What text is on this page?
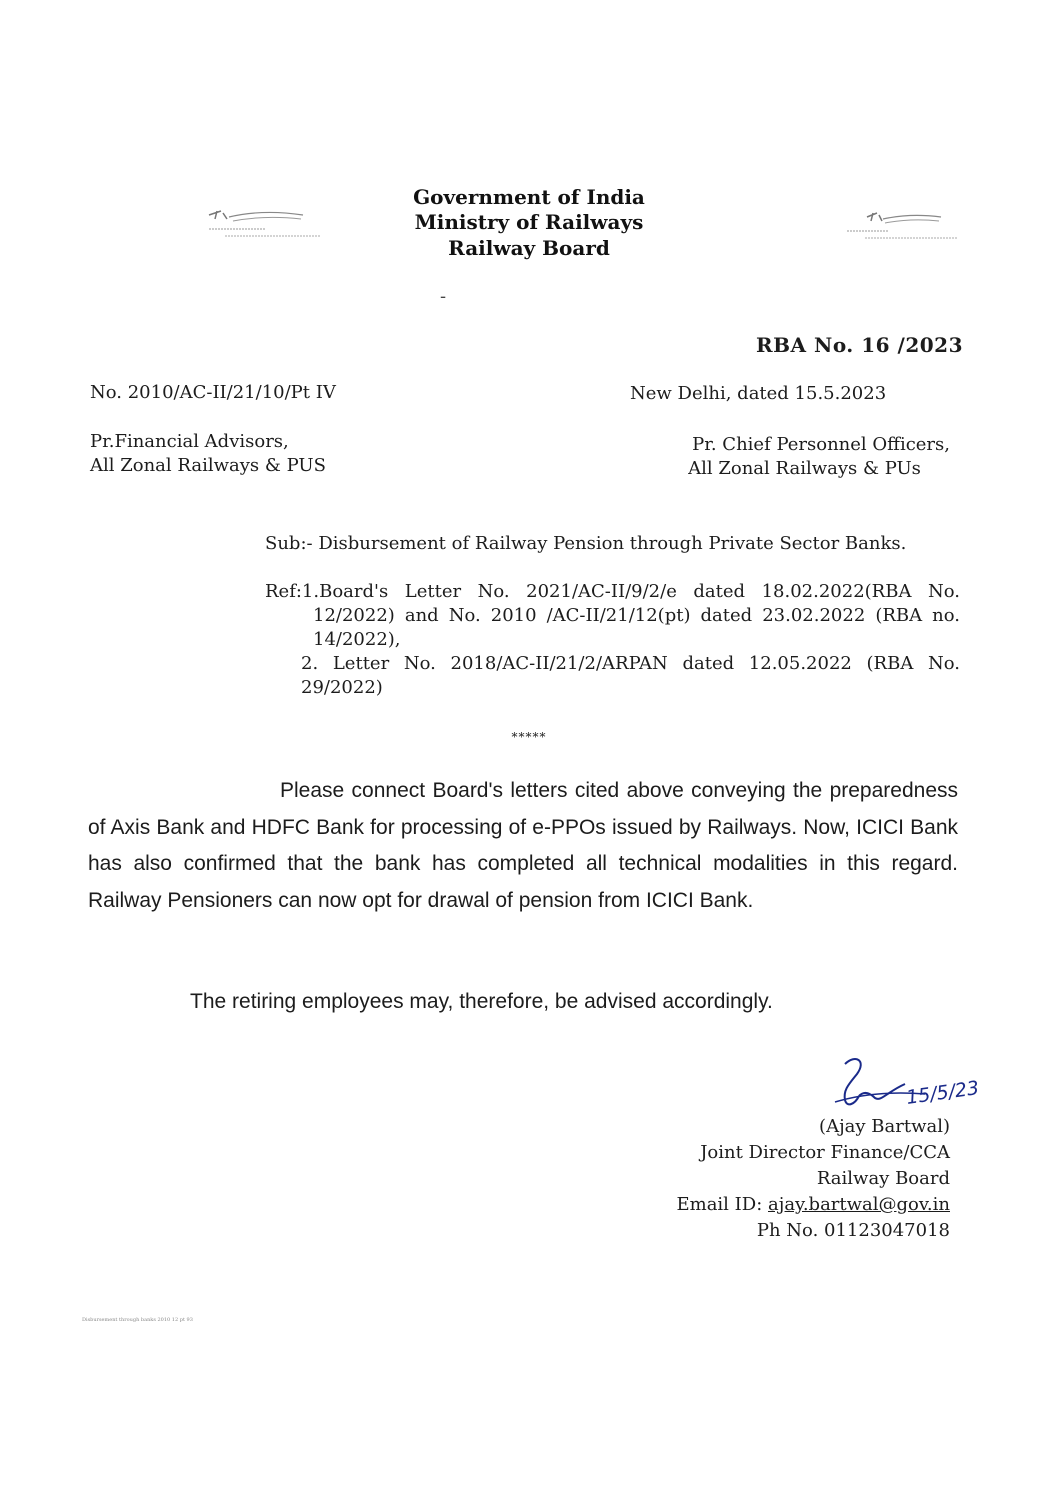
Government of India
Ministry of Railways
Railway Board
-
RBA No. 16 /2023
No. 2010/AC-II/21/10/Pt IV	New Delhi, dated 15.5.2023
Pr.Financial Advisors,
All Zonal Railways & PUS
Pr. Chief Personnel Officers,
All Zonal Railways & PUs
Sub:- Disbursement of Railway Pension through Private Sector Banks.
Ref:1.Board's Letter No. 2021/AC-II/9/2/e dated 18.02.2022(RBA No. 12/2022) and No. 2010 /AC-II/21/12(pt) dated 23.02.2022 (RBA no. 14/2022),
2. Letter No. 2018/AC-II/21/2/ARPAN dated 12.05.2022 (RBA No. 29/2022)
*****
Please connect Board's letters cited above conveying the preparedness of Axis Bank and HDFC Bank for processing of e-PPOs issued by Railways. Now, ICICI Bank has also confirmed that the bank has completed all technical modalities in this regard. Railway Pensioners can now opt for drawal of pension from ICICI Bank.
The retiring employees may, therefore, be advised accordingly.
15/5/23
(Ajay Bartwal)
Joint Director Finance/CCA
Railway Board
Email ID: ajay.bartwal@gov.in
Ph No. 01123047018
Disbursement through banks 2010 12 pt 93
